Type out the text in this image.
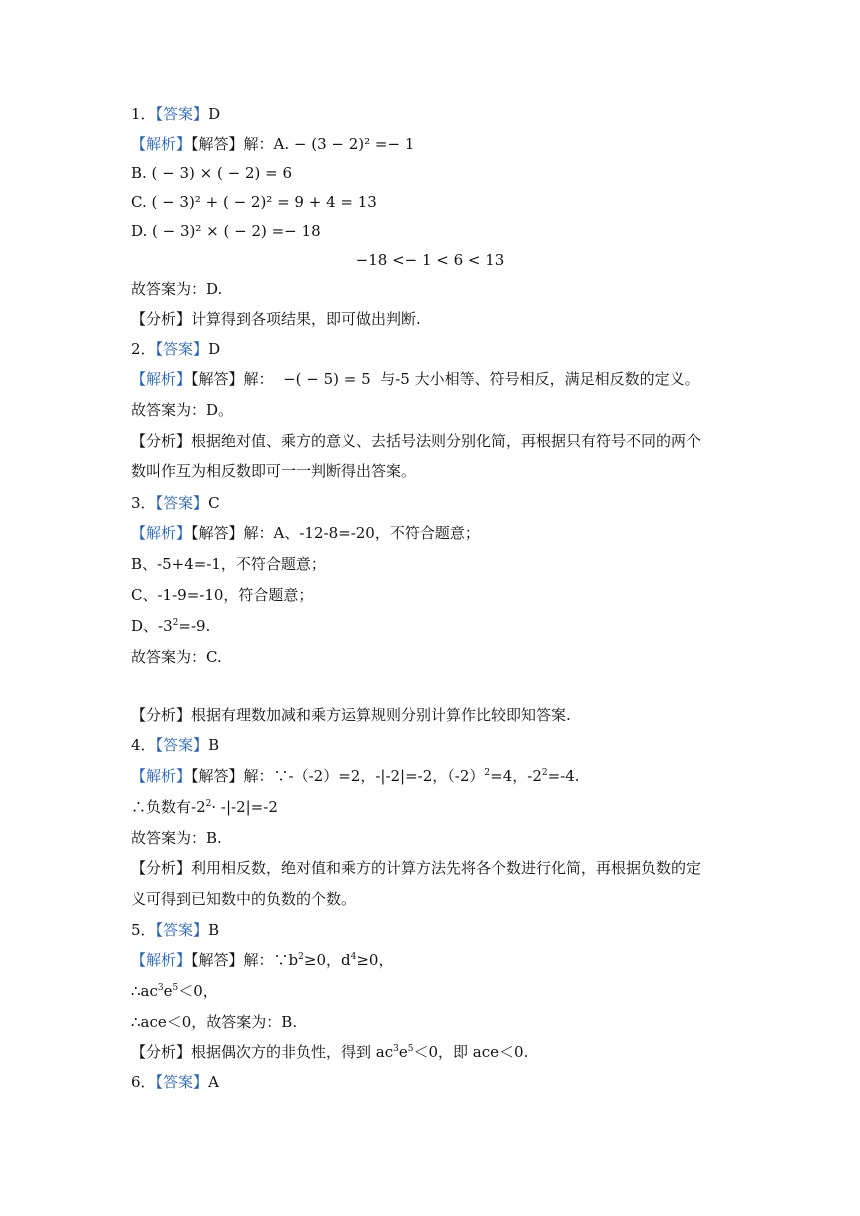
1．【答案】D
【解析】【解答】解：A. − (3 − 2)² =− 1
B. ( − 3) × ( − 2) = 6
C. ( − 3)² + ( − 2)² = 9 + 4 = 13
D. ( − 3)² × ( − 2) =− 18
−18 <− 1 < 6 < 13
故答案为：D.
【分析】计算得到各项结果，即可做出判断.
2．【答案】D
【解析】【解答】解： −( − 5) = 5 与-5 大小相等、符号相反，满足相反数的定义。
故答案为：D。
【分析】根据绝对值、乘方的意义、去括号法则分别化简，再根据只有符号不同的两个
数叫作互为相反数即可一一判断得出答案。
3．【答案】C
【解析】【解答】解：A、-12-8=-20，不符合题意；
B、-5+4=-1，不符合题意；
C、-1-9=-10，符合题意；
D、$-3^2=-9$.
故答案为：C.
【分析】根据有理数加减和乘方运算规则分别计算作比较即知答案.
4．【答案】B
【解析】【解答】解：∵-（-2）=2，-|-2|=-2，$(-2)^2=4$，$-2^2=-4$.
∴负数有$-2^2\cdot -|-2|=-2$
故答案为：B.
【分析】利用相反数，绝对值和乘方的计算方法先将各个数进行化简，再根据负数的定
义可得到已知数中的负数的个数。
5．【答案】B
【解析】【解答】解：$\because b^2\ge 0$，$d^4\ge 0$，
$\therefore ac^3e^5<0$，
∴ace＜0，故答案为：B.
【分析】根据偶次方的非负性，得到 $ac^3e^5<0$，即 ace＜0.
6．【答案】A
